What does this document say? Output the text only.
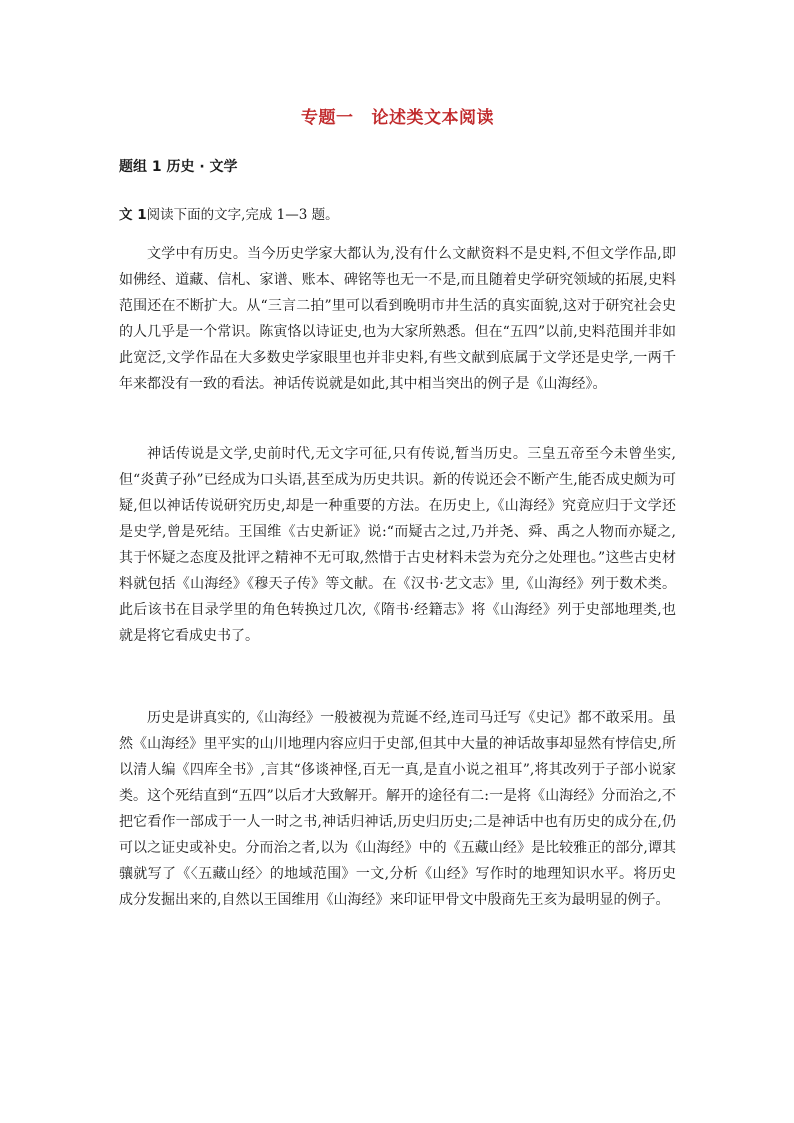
专题一 论述类文本阅读
题组 1 历史 · 文学
文 1阅读下面的文字,完成 1—3 题。

文学中有历史。当今历史学家大都认为,没有什么文献资料不是史料,不但文学作品,即如佛经、道藏、信札、家谱、账本、碑铭等也无一不是,而且随着史学研究领域的拓展,史料范围还在不断扩大。从“三言二拍”里可以看到晚明市井生活的真实面貌,这对于研究社会史的人几乎是一个常识。陈寅恪以诗证史,也为大家所熟悉。但在“五四”以前,史料范围并非如此宽泛,文学作品在大多数史学家眼里也并非史料,有些文献到底属于文学还是史学,一两千年来都没有一致的看法。神话传说就是如此,其中相当突出的例子是《山海经》。

神话传说是文学,史前时代,无文字可征,只有传说,暂当历史。三皇五帝至今未曾坐实,但“炎黄子孙”已经成为口头语,甚至成为历史共识。新的传说还会不断产生,能否成史颇为可疑,但以神话传说研究历史,却是一种重要的方法。在历史上,《山海经》究竟应归于文学还是史学,曾是死结。王国维《古史新证》说:“而疑古之过,乃并尧、舜、禹之人物而亦疑之,其于怀疑之态度及批评之精神不无可取,然惜于古史材料未尝为充分之处理也。”这些古史材料就包括《山海经》《穆天子传》等文献。在《汉书·艺文志》里,《山海经》列于数术类。此后该书在目录学里的角色转换过几次,《隋书·经籍志》将《山海经》列于史部地理类,也就是将它看成史书了。

历史是讲真实的,《山海经》一般被视为荒诞不经,连司马迁写《史记》都不敢采用。虽然《山海经》里平实的山川地理内容应归于史部,但其中大量的神话故事却显然有悖信史,所以清人编《四库全书》,言其“侈谈神怪,百无一真,是直小说之祖耳”,将其改列于子部小说家类。这个死结直到“五四”以后才大致解开。解开的途径有二:一是将《山海经》分而治之,不把它看作一部成于一人一时之书,神话归神话,历史归历史;二是神话中也有历史的成分在,仍可以之证史或补史。分而治之者,以为《山海经》中的《五藏山经》是比较雅正的部分,谭其骧就写了《〈五藏山经〉的地域范围》一文,分析《山经》写作时的地理知识水平。将历史成分发掘出来的,自然以王国维用《山海经》来印证甲骨文中殷商先王亥为最明显的例子。
